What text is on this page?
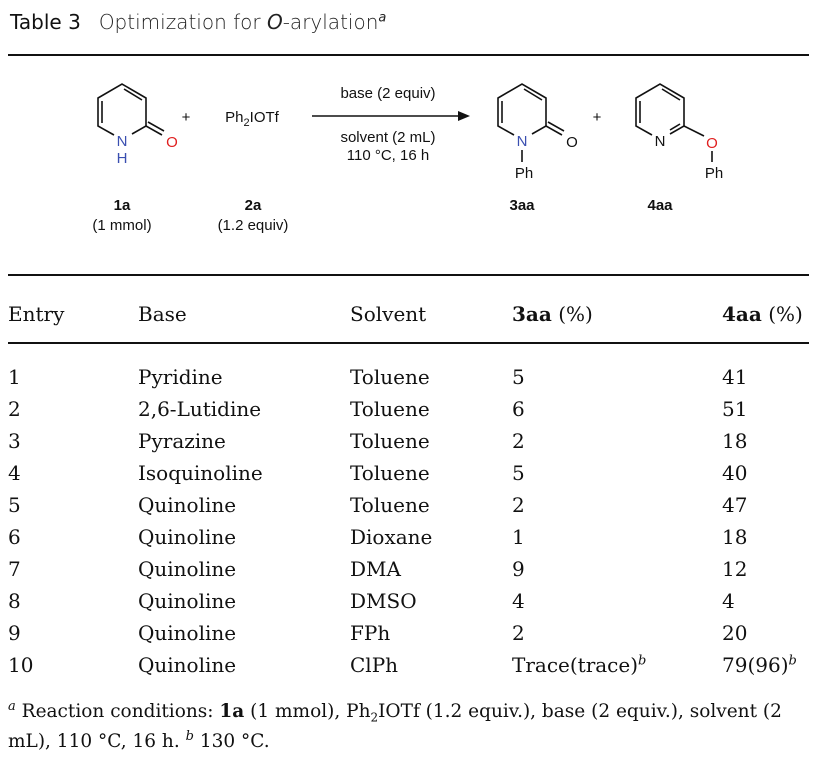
Table 3 Optimization for O-arylation$^a$
N
H
O
+ $Ph_2IOTf$
base (2 equiv)
solvent (2 mL)
110 °C, 16 h
N	O
Ph
+
N	O
Ph
1a
(1 mmol)
2a
(1.2 equiv)
3aa	4aa
Entry	Base	Solvent	3aa (%)	4aa (%)
1	Pyridine	Toluene	5	41
2	2,6-Lutidine	Toluene	6	51
3	Pyrazine	Toluene	2	18
4	Isoquinoline	Toluene	5	40
5	Quinoline	Toluene	2	47
6	Quinoline	Dioxane	1	18
7	Quinoline	DMA	9	12
8	Quinoline	DMSO	4	4
9	Quinoline	FPh	2	20
10	Quinoline	ClPh	Trace(trace)$^b$	$79(96)^b$
$^a$ Reaction conditions: 1a (1 mmol), $Ph_2IOTf$ (1.2 equiv.), base (2 equiv.), solvent (2 mL), 110 °C, 16 h. $^b$ 130 °C.
